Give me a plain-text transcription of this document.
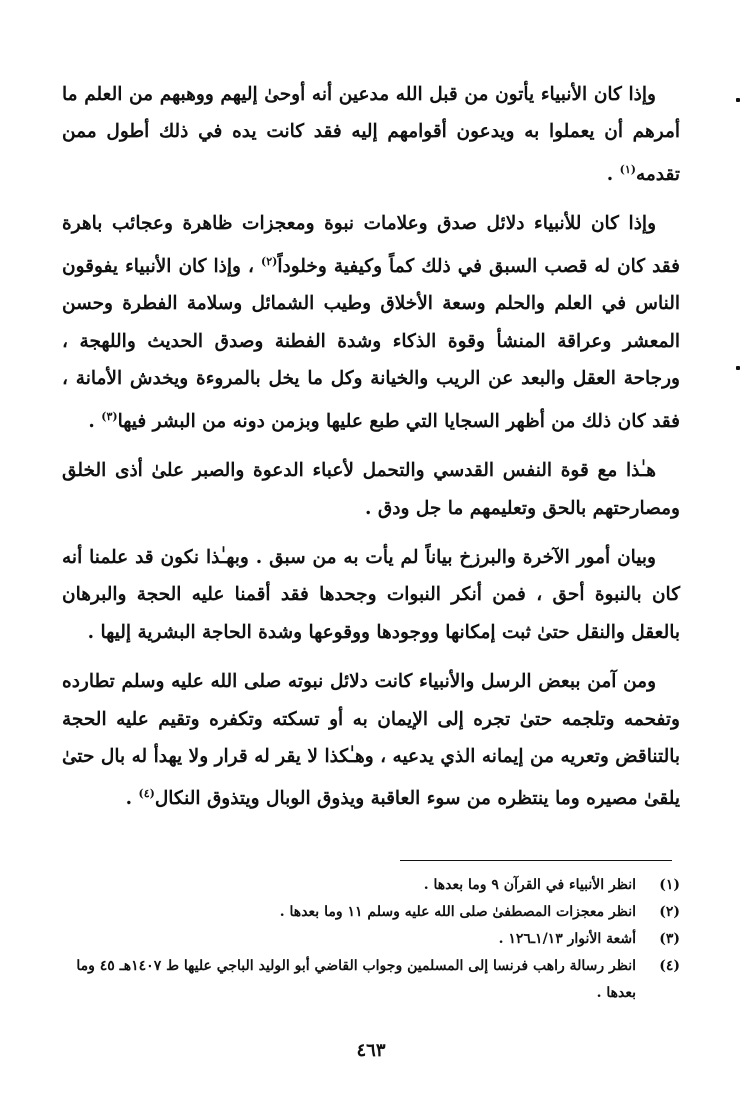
وإذا كان الأنبياء يأتون من قبل الله مدعين أنه أوحىٰ إليهم ووهبهم من العلم ما أمرهم أن يعملوا به ويدعون أقوامهم إليه فقد كانت يده في ذلك أطول ممن تقدمه$^{(١)}$ .

وإذا كان للأنبياء دلائل صدق وعلامات نبوة ومعجزات ظاهرة وعجائب باهرة فقد كان له قصب السبق في ذلك كماً وكيفية وخلوداً$^{(٢)}$ ، وإذا كان الأنبياء يفوقون الناس في العلم والحلم وسعة الأخلاق وطيب الشمائل وسلامة الفطرة وحسن المعشر وعراقة المنشأ وقوة الذكاء وشدة الفطنة وصدق الحديث واللهجة ، ورجاحة العقل والبعد عن الريب والخيانة وكل ما يخل بالمروءة ويخدش الأمانة ، فقد كان ذلك من أظهر السجايا التي طبع عليها وبزمن دونه من البشر فيها$^{(٣)}$ .

هـٰذا مع قوة النفس القدسي والتحمل لأعباء الدعوة والصبر علىٰ أذى الخلق ومصارحتهم بالحق وتعليمهم ما جل ودق .

وبيان أمور الآخرة والبرزخ بياناً لم يأت به من سبق . وبهـٰذا نكون قد علمنا أنه كان بالنبوة أحق ، فمن أنكر النبوات وجحدها فقد أقمنا عليه الحجة والبرهان بالعقل والنقل حتىٰ ثبت إمكانها ووجودها ووقوعها وشدة الحاجة البشرية إليها .

ومن آمن ببعض الرسل والأنبياء كانت دلائل نبوته صلى الله عليه وسلم تطارده وتفحمه وتلجمه حتىٰ تجره إلى الإيمان به أو تسكته وتكفره وتقيم عليه الحجة بالتناقض وتعريه من إيمانه الذي يدعيه ، وهـٰكذا لا يقر له قرار ولا يهدأ له بال حتىٰ يلقىٰ مصيره وما ينتظره من سوء العاقبة ويذوق الوبال ويتذوق النكال$^{(٤)}$ .

(١)
انظر الأنبياء في القرآن ٩ وما بعدها .

(٢)
انظر معجزات المصطفىٰ صلى الله عليه وسلم ١١ وما بعدها .

(٣)
أشعة الأنوار ١/١٣ـ١٢٦ .

(٤)
انظر رسالة راهب فرنسا إلى المسلمين وجواب القاضي أبو الوليد الباجي عليها ط ١٤٠٧هـ ٤٥ وما بعدها .

٤٦٣
